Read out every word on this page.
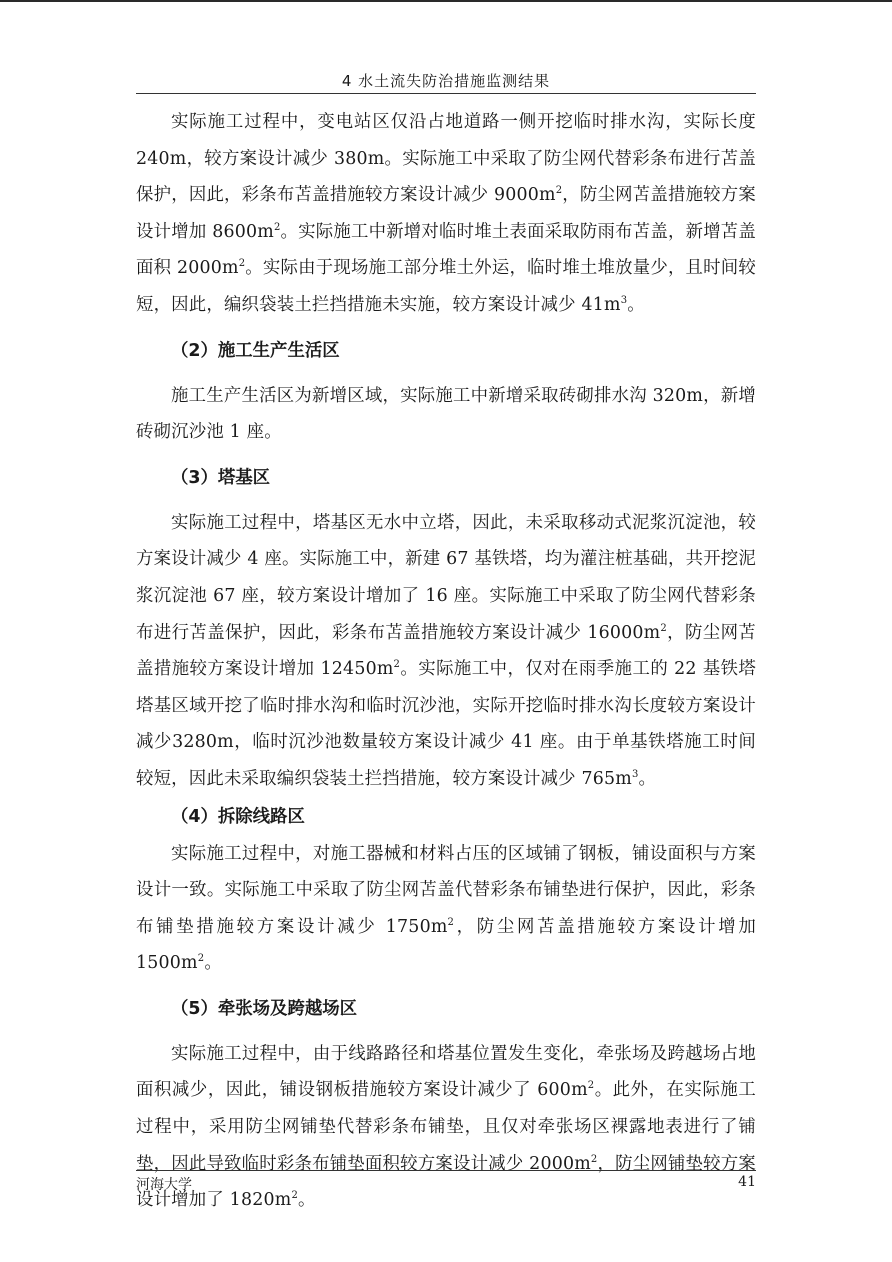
4 水土流失防治措施监测结果

实际施工过程中，变电站区仅沿占地道路一侧开挖临时排水沟，实际长度240m，较方案设计减少 380m。实际施工中采取了防尘网代替彩条布进行苫盖保护，因此，彩条布苫盖措施较方案设计减少 $9000m^2$，防尘网苫盖措施较方案设计增加 $8600m^2$。实际施工中新增对临时堆土表面采取防雨布苫盖，新增苫盖面积 $2000m^2$。实际由于现场施工部分堆土外运，临时堆土堆放量少，且时间较短，因此，编织袋装土拦挡措施未实施，较方案设计减少 $41m^3$。

（2）施工生产生活区

施工生产生活区为新增区域，实际施工中新增采取砖砌排水沟 320m，新增砖砌沉沙池 1 座。

（3）塔基区

实际施工过程中，塔基区无水中立塔，因此，未采取移动式泥浆沉淀池，较方案设计减少 4 座。实际施工中，新建 67 基铁塔，均为灌注桩基础，共开挖泥浆沉淀池 67 座，较方案设计增加了 16 座。实际施工中采取了防尘网代替彩条布进行苫盖保护，因此，彩条布苫盖措施较方案设计减少 $16000m^2$，防尘网苫盖措施较方案设计增加 $12450m^2$。实际施工中，仅对在雨季施工的 22 基铁塔塔基区域开挖了临时排水沟和临时沉沙池，实际开挖临时排水沟长度较方案设计减少3280m，临时沉沙池数量较方案设计减少 41 座。由于单基铁塔施工时间较短，因此未采取编织袋装土拦挡措施，较方案设计减少 $765m^3$。

（4）拆除线路区

实际施工过程中，对施工器械和材料占压的区域铺了钢板，铺设面积与方案设计一致。实际施工中采取了防尘网苫盖代替彩条布铺垫进行保护，因此，彩条布铺垫措施较方案设计减少 $1750m^2$，防尘网苫盖措施较方案设计增加 $1500m^2$。

（5）牵张场及跨越场区

实际施工过程中，由于线路路径和塔基位置发生变化，牵张场及跨越场占地面积减少，因此，铺设钢板措施较方案设计减少了 $600m^2$。此外，在实际施工过程中，采用防尘网铺垫代替彩条布铺垫，且仅对牵张场区裸露地表进行了铺垫，因此导致临时彩条布铺垫面积较方案设计减少 $2000m^2$，防尘网铺垫较方案设计增加了 $1820m^2$。

河海大学	41
